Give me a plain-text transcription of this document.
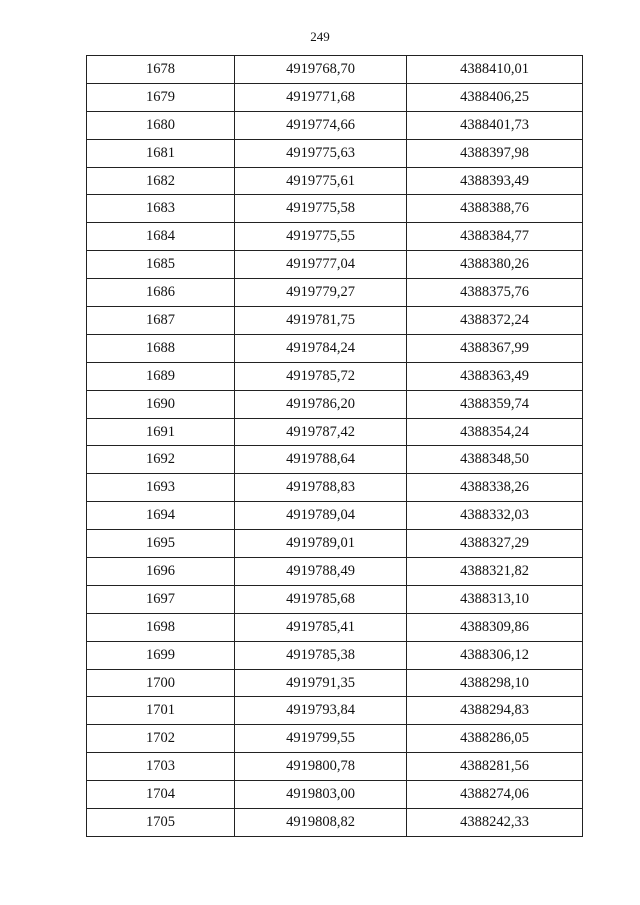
249
1678	4919768,70	4388410,01
1679	4919771,68	4388406,25
1680	4919774,66	4388401,73
1681	4919775,63	4388397,98
1682	4919775,61	4388393,49
1683	4919775,58	4388388,76
1684	4919775,55	4388384,77
1685	4919777,04	4388380,26
1686	4919779,27	4388375,76
1687	4919781,75	4388372,24
1688	4919784,24	4388367,99
1689	4919785,72	4388363,49
1690	4919786,20	4388359,74
1691	4919787,42	4388354,24
1692	4919788,64	4388348,50
1693	4919788,83	4388338,26
1694	4919789,04	4388332,03
1695	4919789,01	4388327,29
1696	4919788,49	4388321,82
1697	4919785,68	4388313,10
1698	4919785,41	4388309,86
1699	4919785,38	4388306,12
1700	4919791,35	4388298,10
1701	4919793,84	4388294,83
1702	4919799,55	4388286,05
1703	4919800,78	4388281,56
1704	4919803,00	4388274,06
1705	4919808,82	4388242,33
